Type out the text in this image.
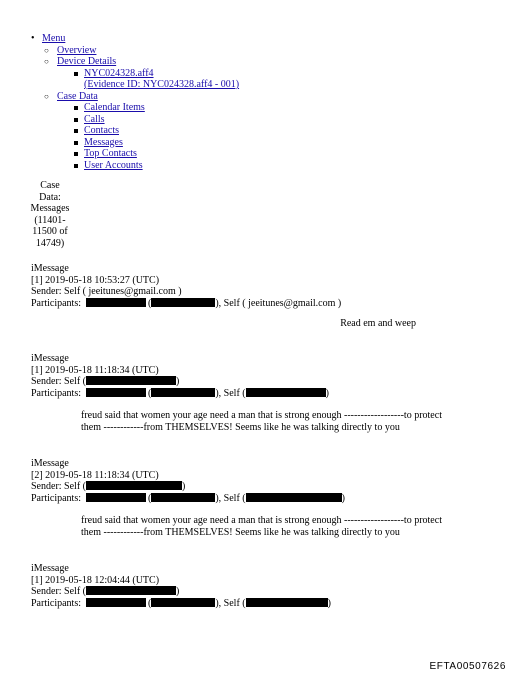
• Menu
○ Overview
○ Device Details
NYC024328.aff4
(Evidence ID: NYC024328.aff4 - 001)
○ Case Data
Calendar Items
Calls
Contacts
Messages
Top Contacts
User Accounts
Case
Data:
Messages
(11401-
11500 of
14749)
iMessage
[1] 2019-05-18 10:53:27 (UTC)
Sender: Self ( jeeitunes@gmail.com )
Participants:	(	), Self ( jeeitunes@gmail.com )
Read em and weep
iMessage
[1] 2019-05-18 11:18:34 (UTC)
Sender: Self (	)
Participants:	(	), Self (	)
freud said that women your age need a man that is strong enough ------------------to protect them ------------from THEMSELVES! Seems like he was talking directly to you
iMessage
[2] 2019-05-18 11:18:34 (UTC)
Sender: Self (	)
Participants:	(	), Self (	)
freud said that women your age need a man that is strong enough ------------------to protect them ------------from THEMSELVES! Seems like he was talking directly to you
iMessage
[1] 2019-05-18 12:04:44 (UTC)
Sender: Self (	)
Participants:	(	), Self (	)
EFTA00507626
